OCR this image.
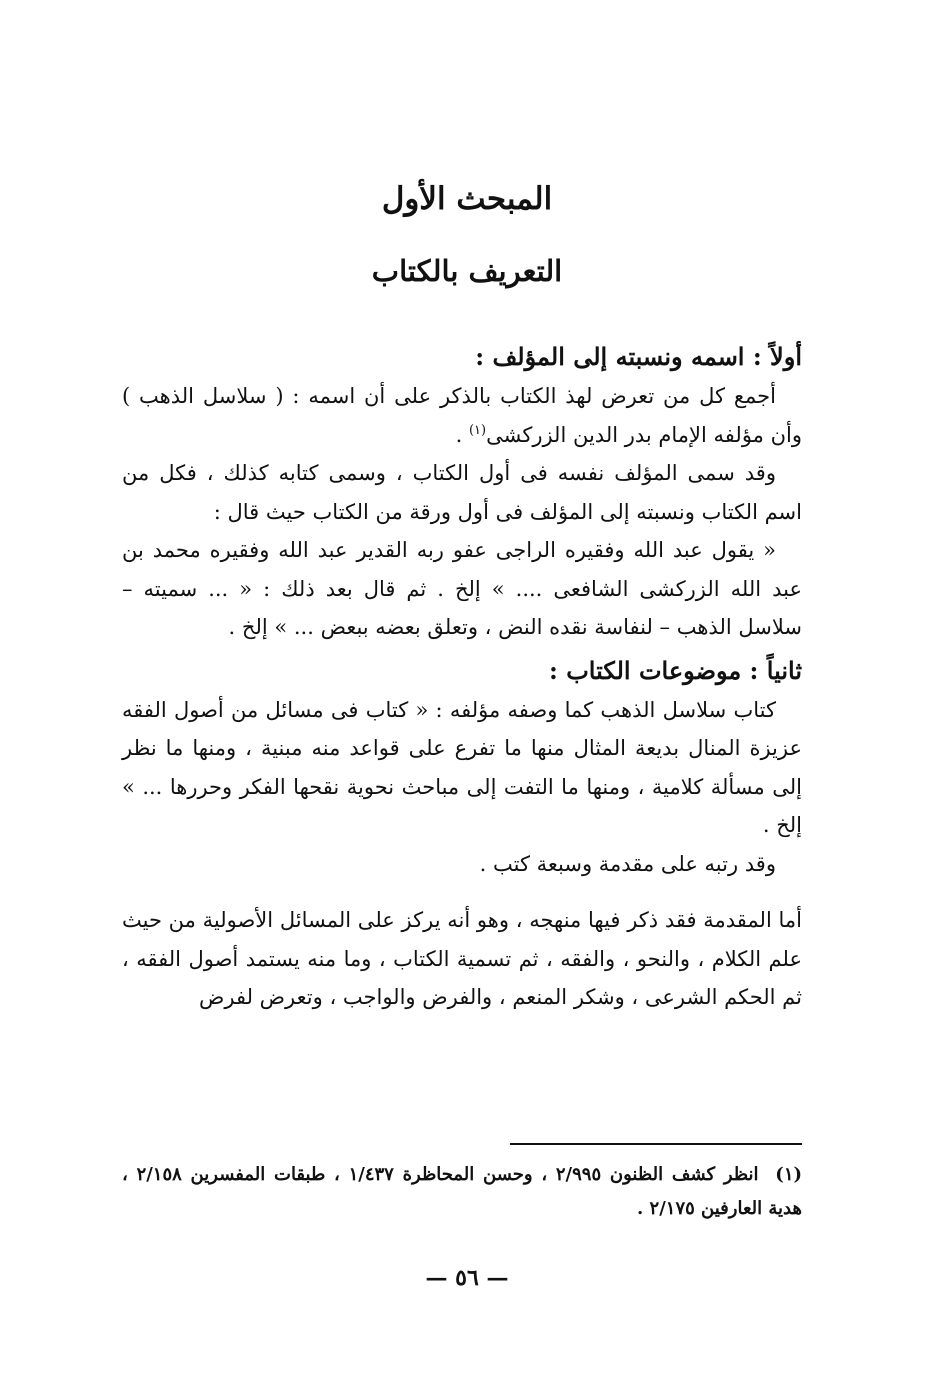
المبحث الأول
التعريف بالكتاب

أولاً : اسمه ونسبته إلى المؤلف :

أجمع كل من تعرض لهذ الكتاب بالذكر على أن اسمه : ( سلاسل الذهب ) وأن مؤلفه الإمام بدر الدين الزركشى$^{(١)}$ .

وقد سمى المؤلف نفسه فى أول الكتاب ، وسمى كتابه كذلك ، فكل من اسم الكتاب ونسبته إلى المؤلف فى أول ورقة من الكتاب حيث قال :

« يقول عبد الله وفقيره الراجى عفو ربه القدير عبد الله وفقيره محمد بن عبد الله الزركشى الشافعى .... » إلخ . ثم قال بعد ذلك : « ... سميته – سلاسل الذهب – لنفاسة نقده النض ، وتعلق بعضه ببعض ... » إلخ .

ثانياً : موضوعات الكتاب :

كتاب سلاسل الذهب كما وصفه مؤلفه : « كتاب فى مسائل من أصول الفقه عزيزة المنال بديعة المثال منها ما تفرع على قواعد منه مبنية ، ومنها ما نظر إلى مسألة كلامية ، ومنها ما التفت إلى مباحث نحوية نقحها الفكر وحررها ... » إلخ .

وقد رتبه على مقدمة وسبعة كتب .

أما المقدمة فقد ذكر فيها منهجه ، وهو أنه يركز على المسائل الأصولية من حيث علم الكلام ، والنحو ، والفقه ، ثم تسمية الكتاب ، وما منه يستمد أصول الفقه ، ثم الحكم الشرعى ، وشكر المنعم ، والفرض والواجب ، وتعرض لفرض

(١) انظر كشف الظنون ٢/٩٩٥ ، وحسن المحاظرة ١/٤٣٧ ، طبقات المفسرين ٢/١٥٨ ، هدية العارفين ٢/١٧٥ .
— ٥٦ —
